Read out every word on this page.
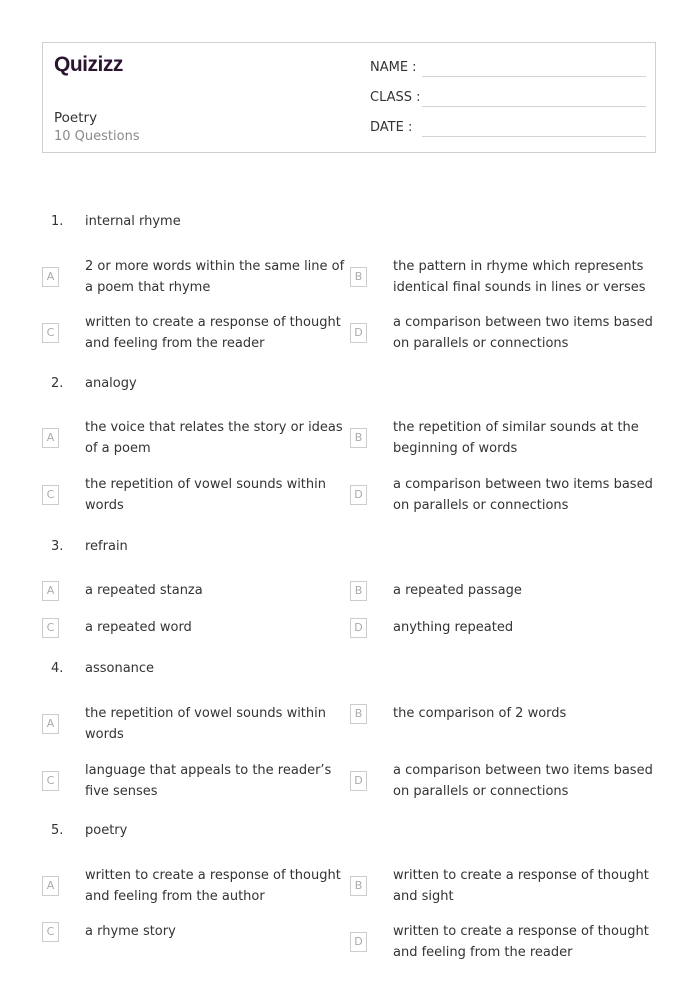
Quizizz
Poetry
10 Questions
NAME :
CLASS :
DATE :
1. internal rhyme
A
2 or more words within the same line of
a poem that rhyme
B
the pattern in rhyme which represents
identical final sounds in lines or verses
C
written to create a response of thought
and feeling from the reader
D
a comparison between two items based
on parallels or connections
2. analogy
A
the voice that relates the story or ideas
of a poem
B
the repetition of similar sounds at the
beginning of words
C
the repetition of vowel sounds within
words
D
a comparison between two items based
on parallels or connections
3. refrain
A	a repeated stanza	B	a repeated passage
C	a repeated word	D	anything repeated
4. assonance
A
the repetition of vowel sounds within
words
B	the comparison of 2 words
C
language that appeals to the reader’s
five senses
D
a comparison between two items based
on parallels or connections
5. poetry
A
written to create a response of thought
and feeling from the author
B
written to create a response of thought
and sight
C	a rhyme story
D
written to create a response of thought
and feeling from the reader
